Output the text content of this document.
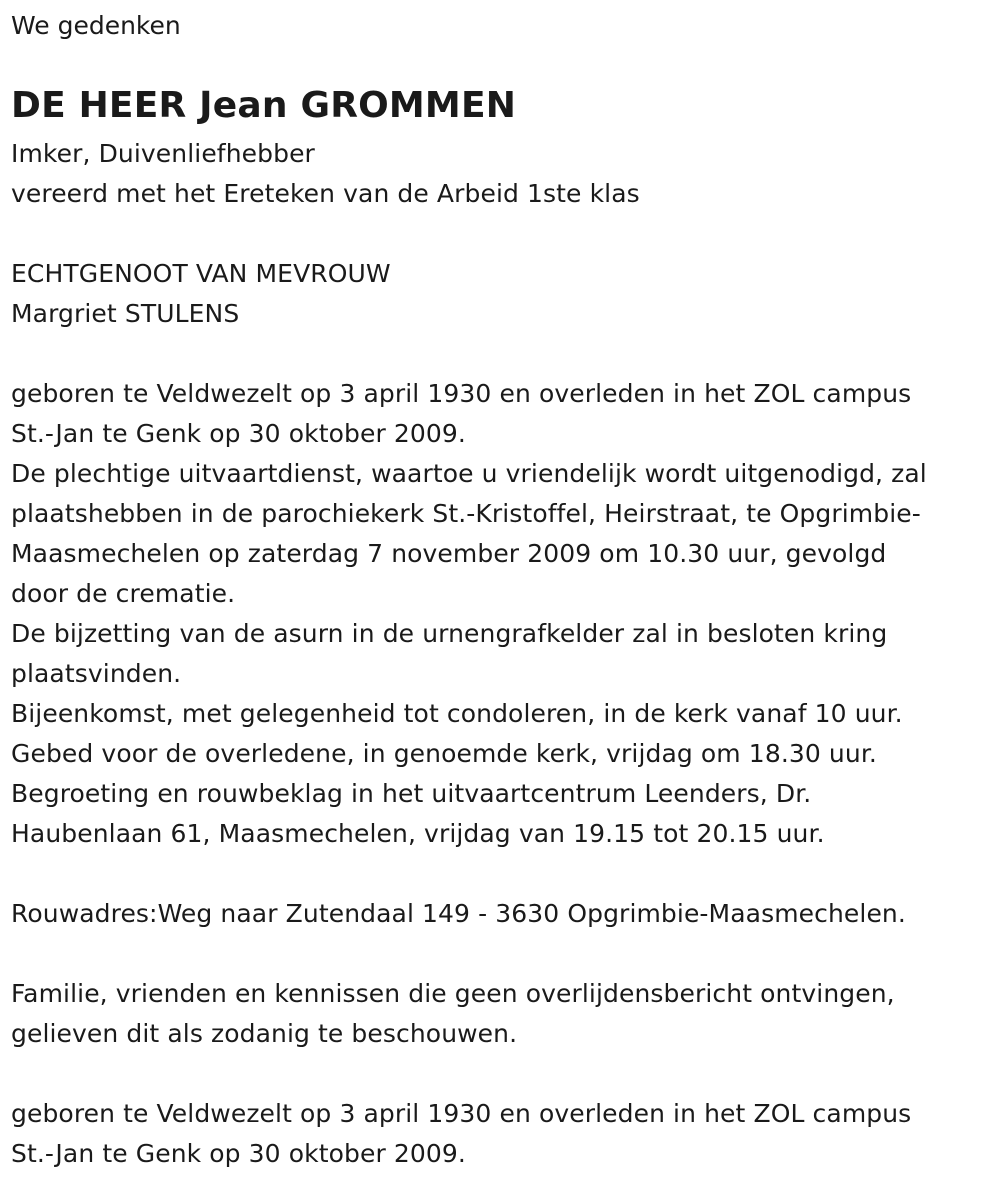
We gedenken
DE HEER Jean GROMMEN
Imker, Duivenliefhebber
vereerd met het Ereteken van de Arbeid 1ste klas
ECHTGENOOT VAN MEVROUW
Margriet STULENS
geboren te Veldwezelt op 3 april 1930 en overleden in het ZOL campus
St.-Jan te Genk op 30 oktober 2009.
De plechtige uitvaartdienst, waartoe u vriendelijk wordt uitgenodigd, zal
plaatshebben in de parochiekerk St.-Kristoffel, Heirstraat, te Opgrimbie-
Maasmechelen op zaterdag 7 november 2009 om 10.30 uur, gevolgd
door de crematie.
De bijzetting van de asurn in de urnengrafkelder zal in besloten kring
plaatsvinden.
Bijeenkomst, met gelegenheid tot condoleren, in de kerk vanaf 10 uur.
Gebed voor de overledene, in genoemde kerk, vrijdag om 18.30 uur.
Begroeting en rouwbeklag in het uitvaartcentrum Leenders, Dr.
Haubenlaan 61, Maasmechelen, vrijdag van 19.15 tot 20.15 uur.
Rouwadres:Weg naar Zutendaal 149 - 3630 Opgrimbie-Maasmechelen.
Familie, vrienden en kennissen die geen overlijdensbericht ontvingen,
gelieven dit als zodanig te beschouwen.
geboren te Veldwezelt op 3 april 1930 en overleden in het ZOL campus
St.-Jan te Genk op 30 oktober 2009.
